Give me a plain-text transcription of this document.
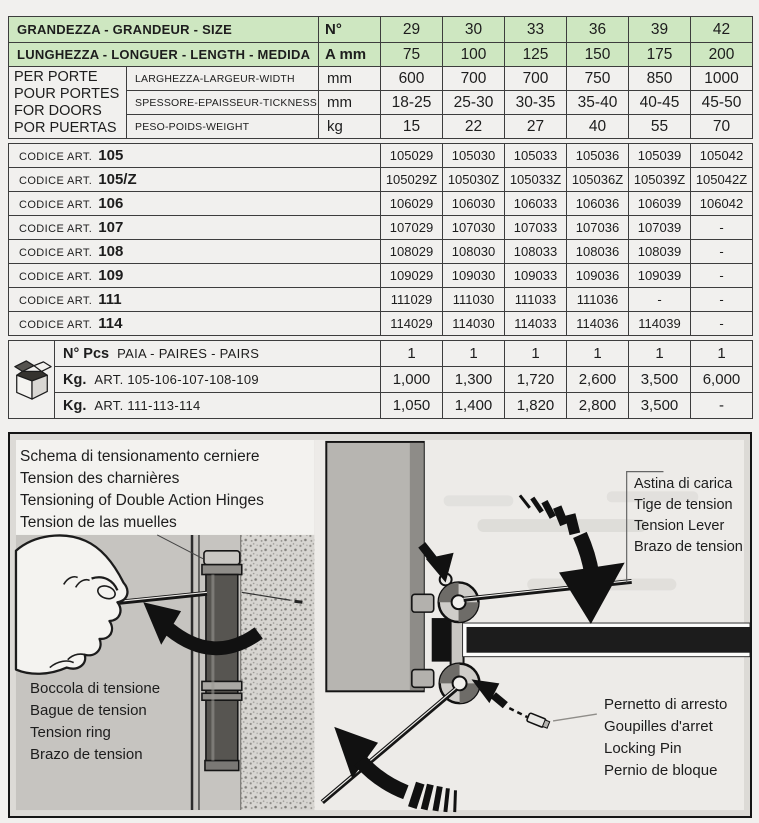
GRANDEZZA - GRANDEUR - SIZE		N°	29	30	33	36	39	42
LUNGHEZZA - LONGUER - LENGTH - MEDIDA		A mm	75	100	125	150	175	200

PER PORTE
POUR PORTES
FOR DOORS
POR PUERTAS	LARGHEZZA-LARGEUR-WIDTH	mm	600	700	700	750	850	1000
	SPESSORE-EPAISSEUR-TICKNESS	mm	18-25	25-30	30-35	35-40	40-45	45-50
	PESO-POIDS-WEIGHT	kg	15	22	27	40	55	70
CODICE ART. 105	105029	105030	105033	105036	105039	105042
CODICE ART. 105/Z	105029Z	105030Z	105033Z	105036Z	105039Z	105042Z
CODICE ART. 106	106029	106030	106033	106036	106039	106042
CODICE ART. 107	107029	107030	107033	107036	107039	-
CODICE ART. 108	108029	108030	108033	108036	108039	-
CODICE ART. 109	109029	109030	109033	109036	109039	-
CODICE ART. 111	111029	111030	111033	111036	-	-
CODICE ART. 114	114029	114030	114033	114036	114039	-
	N° Pcs PAIA - PAIRES - PAIRS	1	1	1	1	1	1
	Kg. ART. 105-106-107-108-109	1,000	1,300	1,720	2,600	3,500	6,000
	Kg. ART. 111-113-114	1,050	1,400	1,820	2,800	3,500	-
Schema di tensionamento cerniere
Tension des charnières
Tensioning of Double Action Hinges
Tension de las muelles
Astina di carica
Tige de tension
Tension Lever
Brazo de tension
Boccola di tensione
Bague de tension
Tension ring
Brazo de tension
Pernetto di arresto
Goupilles d'arret
Locking Pin
Pernio de bloque
